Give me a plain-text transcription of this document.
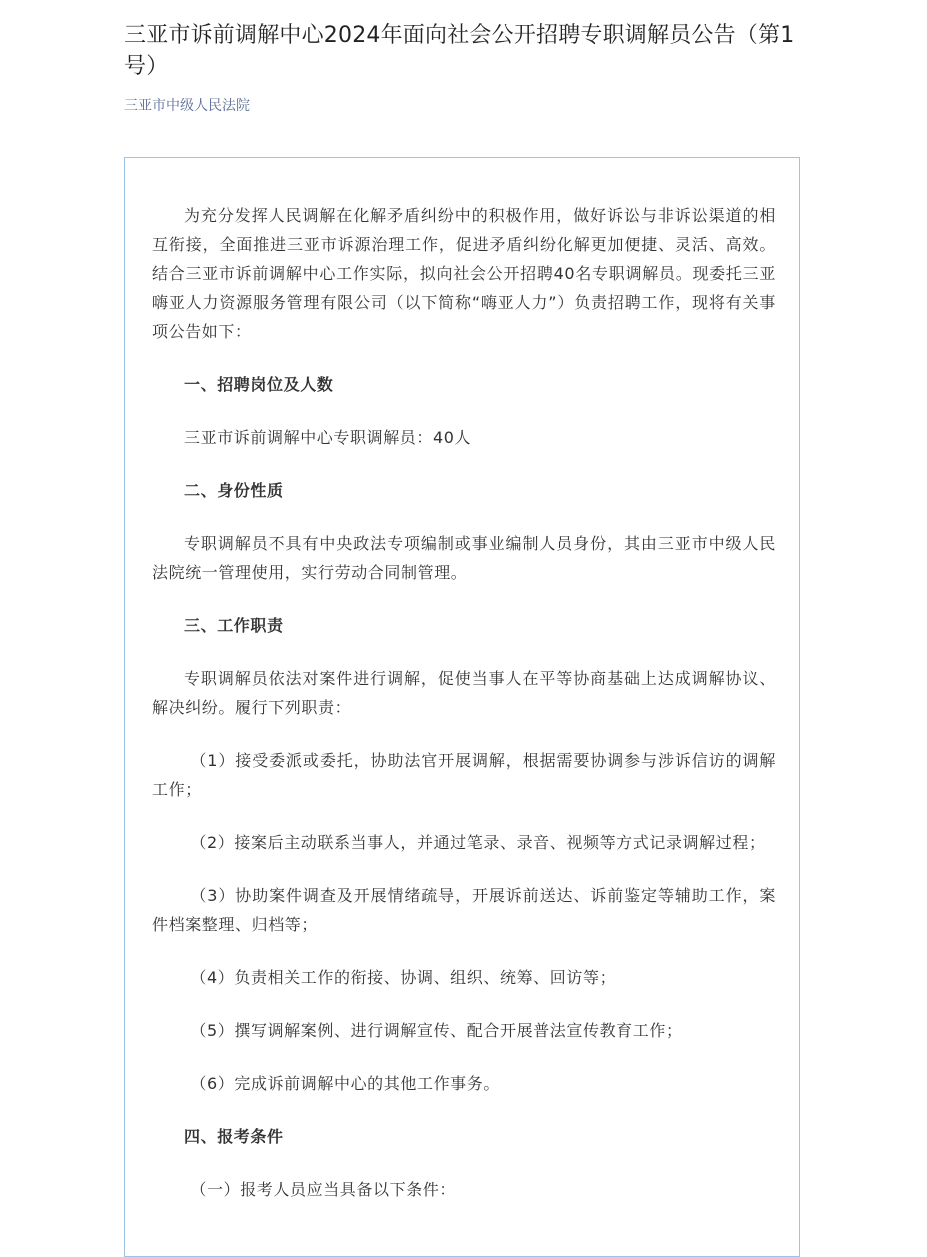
三亚市诉前调解中心2024年面向社会公开招聘专职调解员公告（第1号）
三亚市中级人民法院

为充分发挥人民调解在化解矛盾纠纷中的积极作用，做好诉讼与非诉讼渠道的相互衔接，全面推进三亚市诉源治理工作，促进矛盾纠纷化解更加便捷、灵活、高效。结合三亚市诉前调解中心工作实际，拟向社会公开招聘40名专职调解员。现委托三亚嗨亚人力资源服务管理有限公司（以下简称“嗨亚人力”）负责招聘工作，现将有关事项公告如下：

一、招聘岗位及人数

三亚市诉前调解中心专职调解员：40人

二、身份性质

专职调解员不具有中央政法专项编制或事业编制人员身份，其由三亚市中级人民法院统一管理使用，实行劳动合同制管理。

三、工作职责

专职调解员依法对案件进行调解，促使当事人在平等协商基础上达成调解协议、解决纠纷。履行下列职责：

（1）接受委派或委托，协助法官开展调解，根据需要协调参与涉诉信访的调解工作；

（2）接案后主动联系当事人，并通过笔录、录音、视频等方式记录调解过程；

（3）协助案件调查及开展情绪疏导，开展诉前送达、诉前鉴定等辅助工作，案件档案整理、归档等；

（4）负责相关工作的衔接、协调、组织、统筹、回访等；

（5）撰写调解案例、进行调解宣传、配合开展普法宣传教育工作；

（6）完成诉前调解中心的其他工作事务。

四、报考条件

（一）报考人员应当具备以下条件：
